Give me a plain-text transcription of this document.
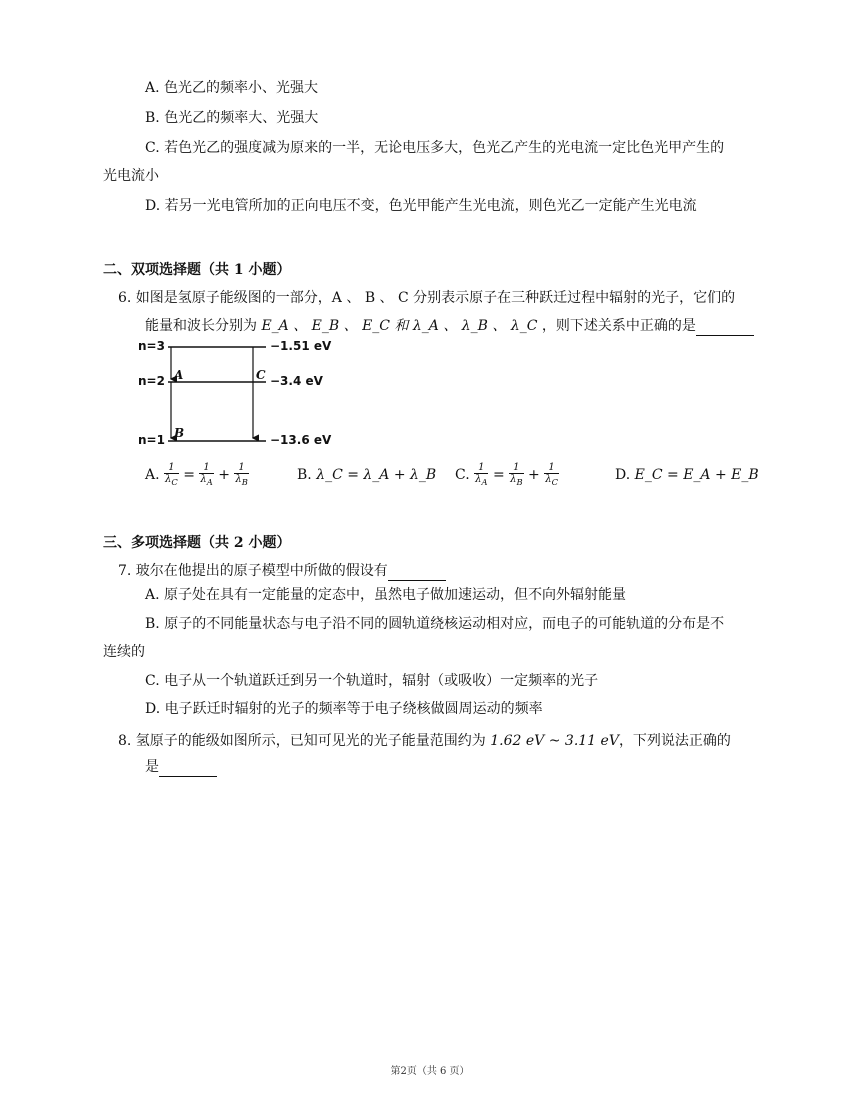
A. 色光乙的频率小、光强大
B. 色光乙的频率大、光强大
C. 若色光乙的强度减为原来的一半，无论电压多大，色光乙产生的光电流一定比色光甲产生的
光电流小
D. 若另一光电管所加的正向电压不变，色光甲能产生光电流，则色光乙一定能产生光电流
二、双项选择题（共 1 小题）
6. 如图是氢原子能级图的一部分，A 、 B 、 C 分别表示原子在三种跃迁过程中辐射的光子，它们的
能量和波长分别为 E_A 、 E_B 、 E_C 和 λ_A 、 λ_B 、 λ_C ，则下述关系中正确的是
n=3
n=2
n=1
−1.51 eV
−3.4 eV
−13.6 eV
A
B
C
A. $\frac{1}{\lambda_C} = \frac{1}{\lambda_A} + \frac{1}{\lambda_B}$	B. λ_C = λ_A + λ_B C. $\frac{1}{\lambda_A} = \frac{1}{\lambda_B} + \frac{1}{\lambda_C}$	D. E_C = E_A + E_B
三、多项选择题（共 2 小题）
7. 玻尔在他提出的原子模型中所做的假设有
A. 原子处在具有一定能量的定态中，虽然电子做加速运动，但不向外辐射能量
B. 原子的不同能量状态与电子沿不同的圆轨道绕核运动相对应，而电子的可能轨道的分布是不
连续的
C. 电子从一个轨道跃迁到另一个轨道时，辐射（或吸收）一定频率的光子
D. 电子跃迁时辐射的光子的频率等于电子绕核做圆周运动的频率
8. 氢原子的能级如图所示，已知可见光的光子能量范围约为 1.62 eV ~ 3.11 eV，下列说法正确的
是
第2页（共 6 页）
